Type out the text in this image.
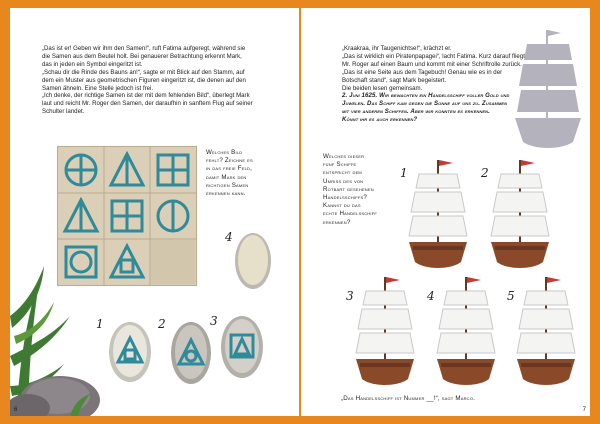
„Das ist er! Geben wir ihm den Samen!“, ruft Fatima aufgeregt, während sie

die Samen aus dem Beutel holt. Bei genauerer Betrachtung erkennt Mark,

das in jeden ein Symbol eingeritzt ist.

„Schau dir die Rinde des Bauns an!“, sagte er mit Blick auf den Stamm, auf

dem ein Muster aus geometrischen Figuren eingeritzt ist, die denen auf den

Samen ähneln. Eine Stelle jedoch ist frei.

„Ich denke, der richtige Samen ist der mit dem fehlenden Bild“, überlegt Mark

laut und reicht Mr. Roger den Samen, der daraufhin in sanftem Flug auf seiner

Schulter landet.

Welches Bild
fehlt? Zeichne es
in das freie Feld,
damit Mark den
richtigen Samen
erkennen kann.
4
1	2	3
6

„Kraakraa, ihr Taugenichtse!“, krächzt er.

„Das ist wirklich ein Piratenpapagei“, lacht Fatima. Kurz darauf fliegt

Mr. Roger auf einen Baum und kommt mit einer Schriftrolle zurück.

„Das ist eine Seite aus dem Tagebuch! Genau wie es in der

Botschaft stand“, sagt Mark begeistert.

Die beiden lesen gemeinsam.

2. Juni 1625. Wir bewachten ein Handelsschiff voller Gold und

Juwelen. Das Schiff kam gegen die Sonne auf uns zu. Zusammen

mit vier anderen Schiffen. Aber wir konnten es erkennen.

Könnt ihr es auch erkennen?

Welches dieser
fünf Schiffe
entspricht dem
Umriss des von
Rotbart gesehenen
Handelsschiffs?
Kannst du das
echte Handelsschiff
erkennen?
1	2
3	4	5
„Das Handelsschiff ist Nummer __!“, sagt Marco.
7
